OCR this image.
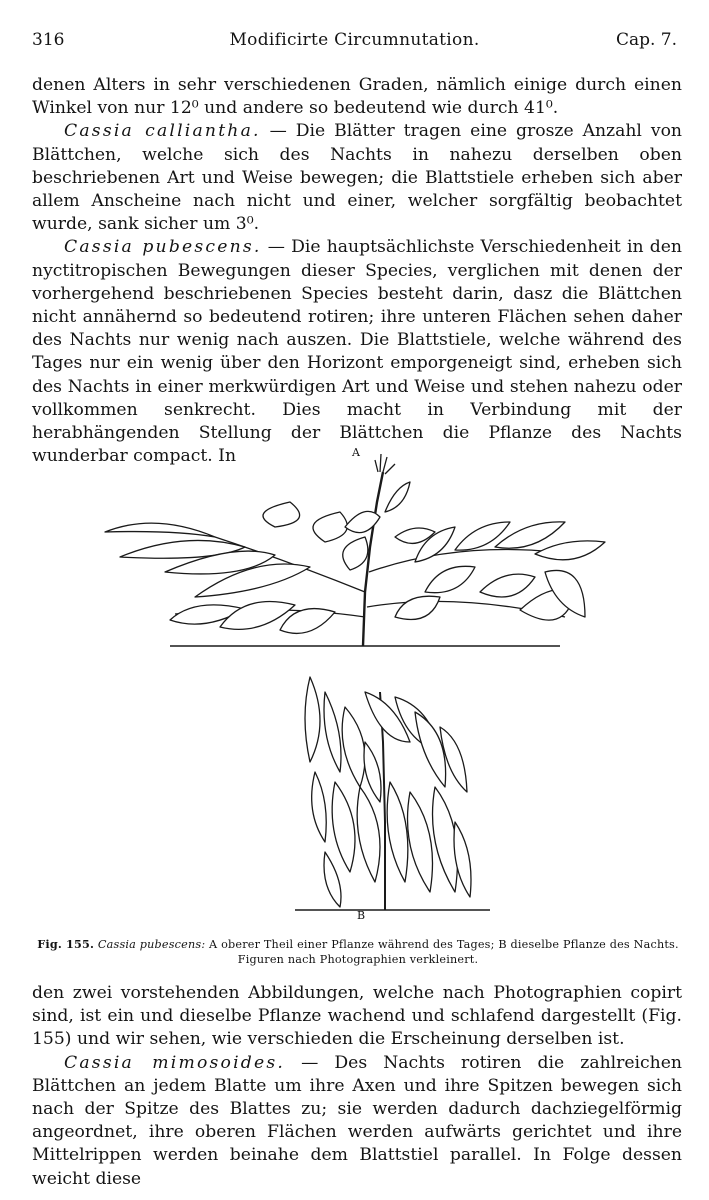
316	Modificirte Circumnutation.	Cap. 7.

denen Alters in sehr verschiedenen Graden, nämlich einige durch einen Winkel von nur 12⁰ und andere so bedeutend wie durch 41⁰.

Cassia calliantha. — Die Blätter tragen eine grosze Anzahl von Blättchen, welche sich des Nachts in nahezu derselben oben beschriebenen Art und Weise bewegen; die Blattstiele erheben sich aber allem Anscheine nach nicht und einer, welcher sorgfältig beobachtet wurde, sank sicher um 3⁰.

Cassia pubescens. — Die hauptsächlichste Verschiedenheit in den nyctitropischen Bewegungen dieser Species, verglichen mit denen der vorhergehend beschriebenen Species besteht darin, dasz die Blättchen nicht annähernd so bedeutend rotiren; ihre unteren Flächen sehen daher des Nachts nur wenig nach auszen. Die Blattstiele, welche während des Tages nur ein wenig über den Horizont emporgeneigt sind, erheben sich des Nachts in einer merkwürdigen Art und Weise und stehen nahezu oder vollkommen senkrecht. Dies macht in Verbindung mit der herabhängenden Stellung der Blättchen die Pflanze des Nachts wunderbar compact. In	A
B
Fig. 155. Cassia pubescens: A oberer Theil einer Pflanze während des Tages; B dieselbe Pflanze des Nachts. Figuren nach Photographien verkleinert.

den zwei vorstehenden Abbildungen, welche nach Photographien copirt sind, ist ein und dieselbe Pflanze wachend und schlafend dargestellt (Fig. 155) und wir sehen, wie verschieden die Erscheinung derselben ist.

Cassia mimosoides. — Des Nachts rotiren die zahlreichen Blättchen an jedem Blatte um ihre Axen und ihre Spitzen bewegen sich nach der Spitze des Blattes zu; sie werden dadurch dachziegelförmig angeordnet, ihre oberen Flächen werden aufwärts gerichtet und ihre Mittelrippen werden beinahe dem Blattstiel parallel. In Folge dessen weicht diese
